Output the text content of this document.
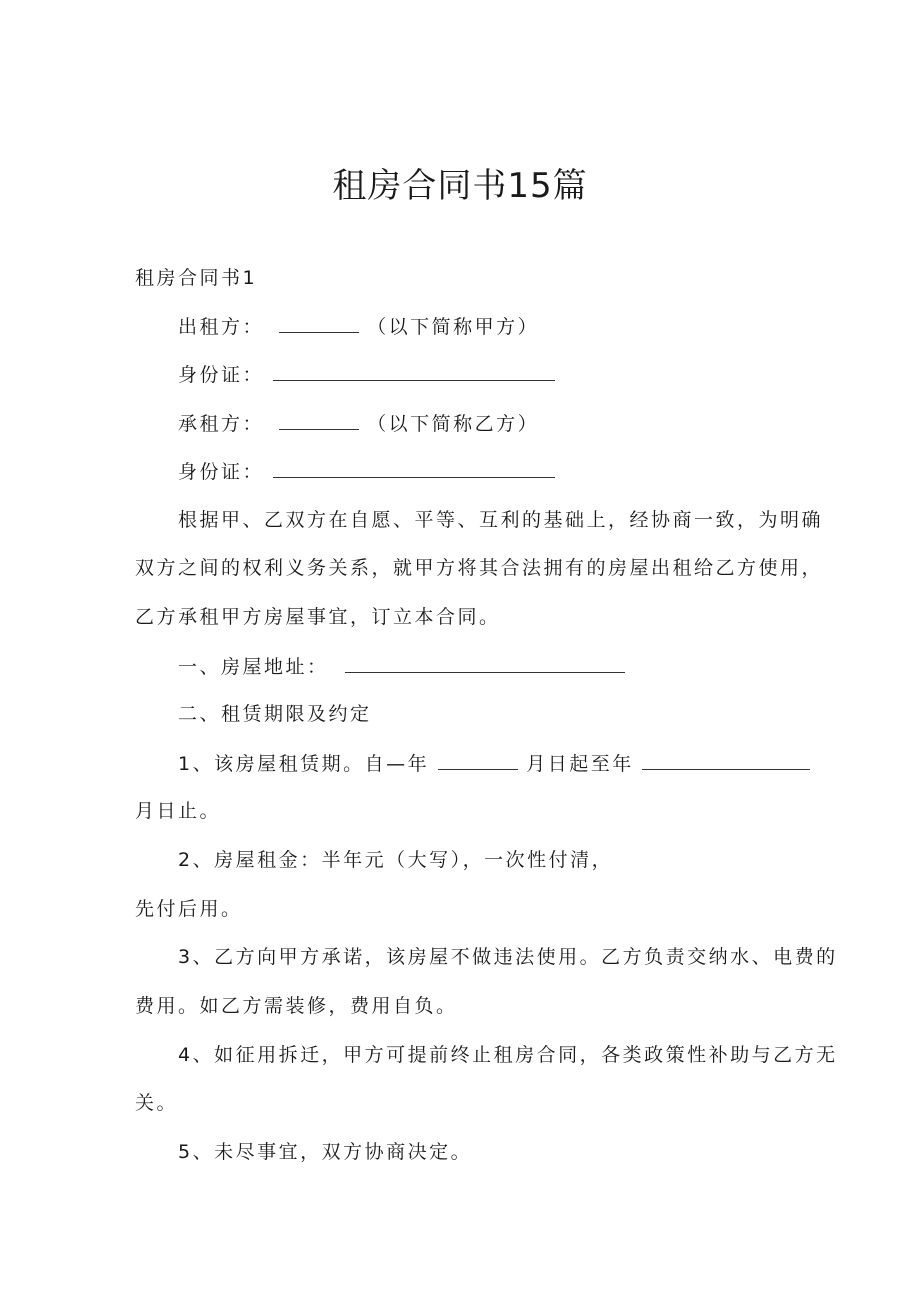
租房合同书15篇
租房合同书1
出租方：	（以下简称甲方）
身份证：
承租方：	（以下简称乙方）
身份证：
根据甲、乙双方在自愿、平等、互利的基础上，经协商一致，为明确
双方之间的权利义务关系，就甲方将其合法拥有的房屋出租给乙方使用，
乙方承租甲方房屋事宜，订立本合同。
一、房屋地址：
二、租赁期限及约定
1、该房屋租赁期。自—年	月日起至年
月日止。
2、房屋租金：半年元（大写），一次性付清，
先付后用。
3、乙方向甲方承诺，该房屋不做违法使用。乙方负责交纳水、电费的
费用。如乙方需装修，费用自负。
4、如征用拆迁，甲方可提前终止租房合同，各类政策性补助与乙方无
关。
5、未尽事宜，双方协商决定。
